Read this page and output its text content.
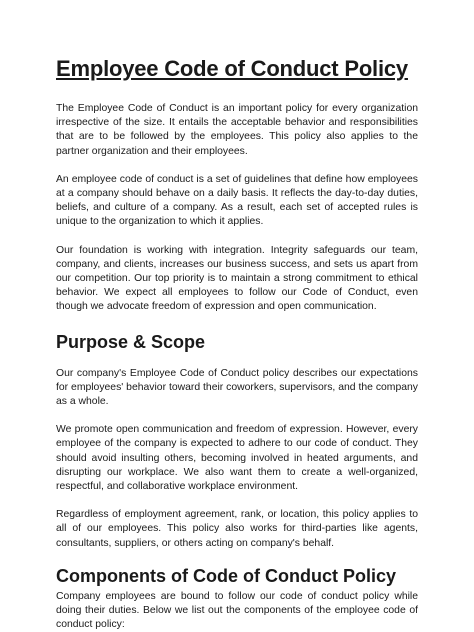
Employee Code of Conduct Policy

The Employee Code of Conduct is an important policy for every organization irrespective of the size. It entails the acceptable behavior and responsibilities that are to be followed by the employees. This policy also applies to the partner organization and their employees.

An employee code of conduct is a set of guidelines that define how employees at a company should behave on a daily basis. It reflects the day-to-day duties, beliefs, and culture of a company. As a result, each set of accepted rules is unique to the organization to which it applies.

Our foundation is working with integration. Integrity safeguards our team, company, and clients, increases our business success, and sets us apart from our competition. Our top priority is to maintain a strong commitment to ethical behavior. We expect all employees to follow our Code of Conduct, even though we advocate freedom of expression and open communication.

Purpose & Scope

Our company's Employee Code of Conduct policy describes our expectations for employees' behavior toward their coworkers, supervisors, and the company as a whole.

We promote open communication and freedom of expression. However, every employee of the company is expected to adhere to our code of conduct. They should avoid insulting others, becoming involved in heated arguments, and disrupting our workplace. We also want them to create a well-organized, respectful, and collaborative workplace environment.

Regardless of employment agreement, rank, or location, this policy applies to all of our employees. This policy also works for third-parties like agents, consultants, suppliers, or others acting on company's behalf.

Components of Code of Conduct Policy

Company employees are bound to follow our code of conduct policy while doing their duties. Below we list out the components of the employee code of conduct policy:
